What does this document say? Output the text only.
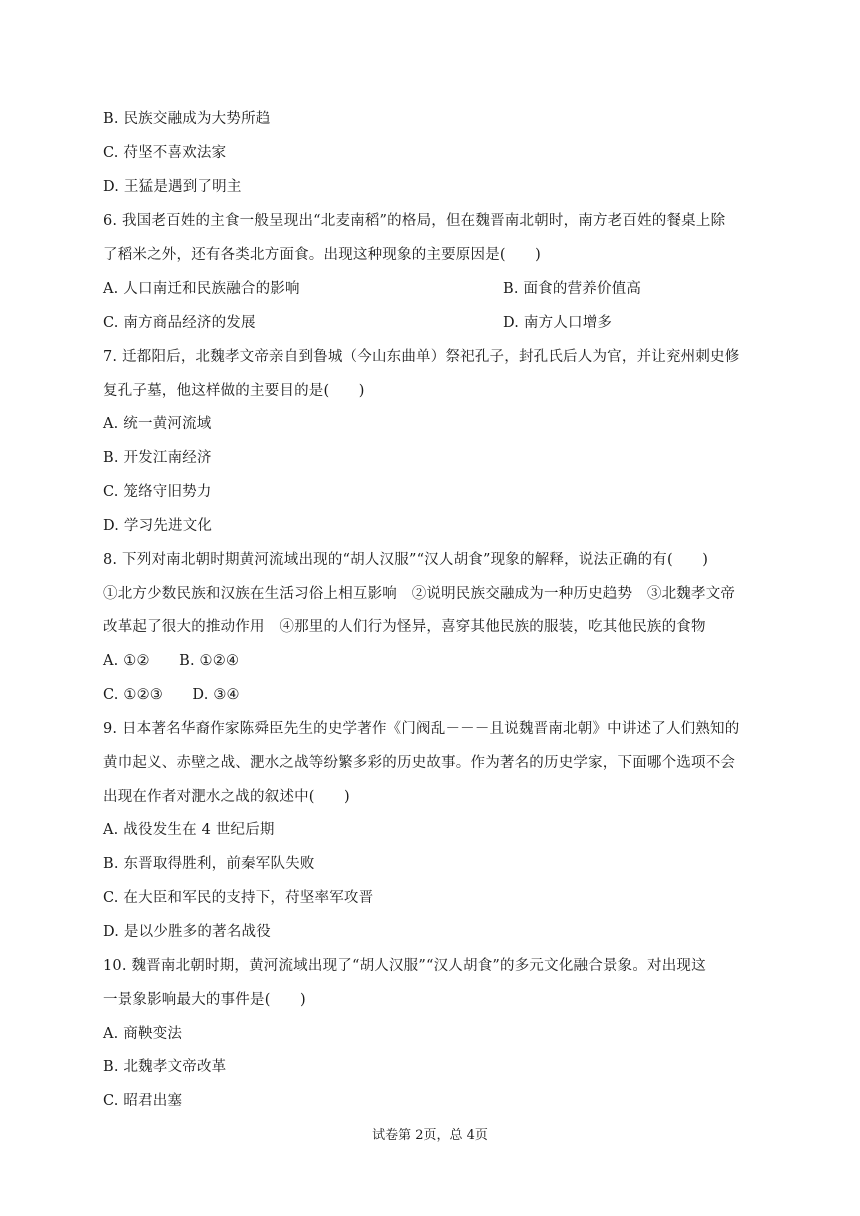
B. 民族交融成为大势所趋
C. 苻坚不喜欢法家
D. 王猛是遇到了明主
6. 我国老百姓的主食一般呈现出“北麦南稻”的格局，但在魏晋南北朝时，南方老百姓的餐桌上除
了稻米之外，还有各类北方面食。出现这种现象的主要原因是(　　)
A. 人口南迁和民族融合的影响	B. 面食的营养价值高
C. 南方商品经济的发展	D. 南方人口增多
7. 迁都阳后，北魏孝文帝亲自到鲁城（今山东曲单）祭祀孔子，封孔氏后人为官，并让兖州刺史修
复孔子墓，他这样做的主要目的是(　　)
A. 统一黄河流域
B. 开发江南经济
C. 笼络守旧势力
D. 学习先进文化
8. 下列对南北朝时期黄河流域出现的“胡人汉服”“汉人胡食”现象的解释，说法正确的有(　　)
①北方少数民族和汉族在生活习俗上相互影响　②说明民族交融成为一种历史趋势　③北魏孝文帝
改革起了很大的推动作用　④那里的人们行为怪异，喜穿其他民族的服装，吃其他民族的食物
A. ①②　　B. ①②④
C. ①②③　　D. ③④
9. 日本著名华裔作家陈舜臣先生的史学著作《门阀乱－－－且说魏晋南北朝》中讲述了人们熟知的
黄巾起义、赤壁之战、淝水之战等纷繁多彩的历史故事。作为著名的历史学家，下面哪个选项不会
出现在作者对淝水之战的叙述中(　　)
A. 战役发生在 4 世纪后期
B. 东晋取得胜利，前秦军队失败
C. 在大臣和军民的支持下，苻坚率军攻晋
D. 是以少胜多的著名战役
10. 魏晋南北朝时期，黄河流域出现了“胡人汉服”“汉人胡食”的多元文化融合景象。对出现这
一景象影响最大的事件是(　　)
A. 商鞅变法
B. 北魏孝文帝改革
C. 昭君出塞
试卷第 2页，总 4页
